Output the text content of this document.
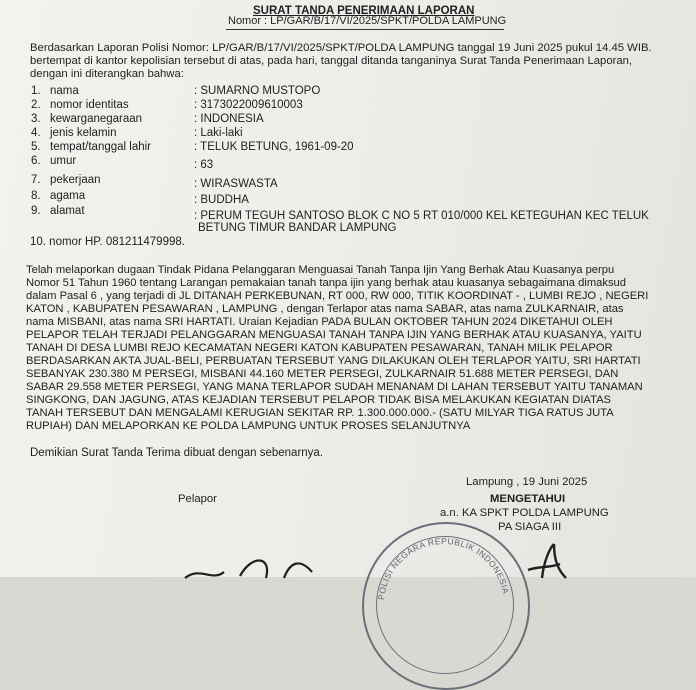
SURAT TANDA PENERIMAAN LAPORAN
Nomor : LP/GAR/B/17/VI/2025/SPKT/POLDA LAMPUNG
Berdasarkan Laporan Polisi Nomor: LP/GAR/B/17/VI/2025/SPKT/POLDA LAMPUNG tanggal 19 Juni 2025 pukul 14.45 WIB.
bertempat di kantor kepolisian tersebut di atas, pada hari, tanggal ditanda tanganinya Surat Tanda Penerimaan Laporan,
dengan ini diterangkan bahwa:
1. nama	: SUMARNO MUSTOPO
2. nomor identitas	: 3173022009610003
3. kewarganegaraan	: INDONESIA
4. jenis kelamin	: Laki-laki
5. tempat/tanggal lahir	: TELUK BETUNG, 1961-09-20
6. umur	: 63
7. pekerjaan	: WIRASWASTA
8. agama	: BUDDHA
9. alamat	: PERUM TEGUH SANTOSO BLOK C NO 5 RT 010/000 KEL KETEGUHAN KEC TELUK
BETUNG TIMUR BANDAR LAMPUNG
10. nomor HP. 081211479998.
Telah melaporkan dugaan Tindak Pidana Pelanggaran Menguasai Tanah Tanpa Ijin Yang Berhak Atau Kuasanya perpu
Nomor 51 Tahun 1960 tentang Larangan pemakaian tanah tanpa ijin yang berhak atau kuasanya sebagaimana dimaksud
dalam Pasal 6 , yang terjadi di JL DITANAH PERKEBUNAN, RT 000, RW 000, TITIK KOORDINAT - , LUMBI REJO , NEGERI
KATON , KABUPATEN PESAWARAN , LAMPUNG , dengan Terlapor atas nama SABAR, atas nama ZULKARNAIR, atas
nama MISBANI, atas nama SRI HARTATI. Uraian Kejadian PADA BULAN OKTOBER TAHUN 2024 DIKETAHUI OLEH
PELAPOR TELAH TERJADI PELANGGARAN MENGUASAI TANAH TANPA IJIN YANG BERHAK ATAU KUASANYA, YAITU
TANAH DI DESA LUMBI REJO KECAMATAN NEGERI KATON KABUPATEN PESAWARAN, TANAH MILIK PELAPOR
BERDASARKAN AKTA JUAL-BELI, PERBUATAN TERSEBUT YANG DILAKUKAN OLEH TERLAPOR YAITU, SRI HARTATI
SEBANYAK 230.380 M PERSEGI, MISBANI 44.160 METER PERSEGI, ZULKARNAIR 51.688 METER PERSEGI, DAN
SABAR 29.558 METER PERSEGI, YANG MANA TERLAPOR SUDAH MENANAM DI LAHAN TERSEBUT YAITU TANAMAN
SINGKONG, DAN JAGUNG, ATAS KEJADIAN TERSEBUT PELAPOR TIDAK BISA MELAKUKAN KEGIATAN DIATAS
TANAH TERSEBUT DAN MENGALAMI KERUGIAN SEKITAR RP. 1.300.000.000.- (SATU MILYAR TIGA RATUS JUTA
RUPIAH) DAN MELAPORKAN KE POLDA LAMPUNG UNTUK PROSES SELANJUTNYA
Demikian Surat Tanda Terima dibuat dengan sebenarnya.
Lampung , 19 Juni 2025
Pelapor	MENGETAHUI
a.n. KA SPKT POLDA LAMPUNG
PA SIAGA III
POLISI NEGARA REPUBLIK INDONESIA
